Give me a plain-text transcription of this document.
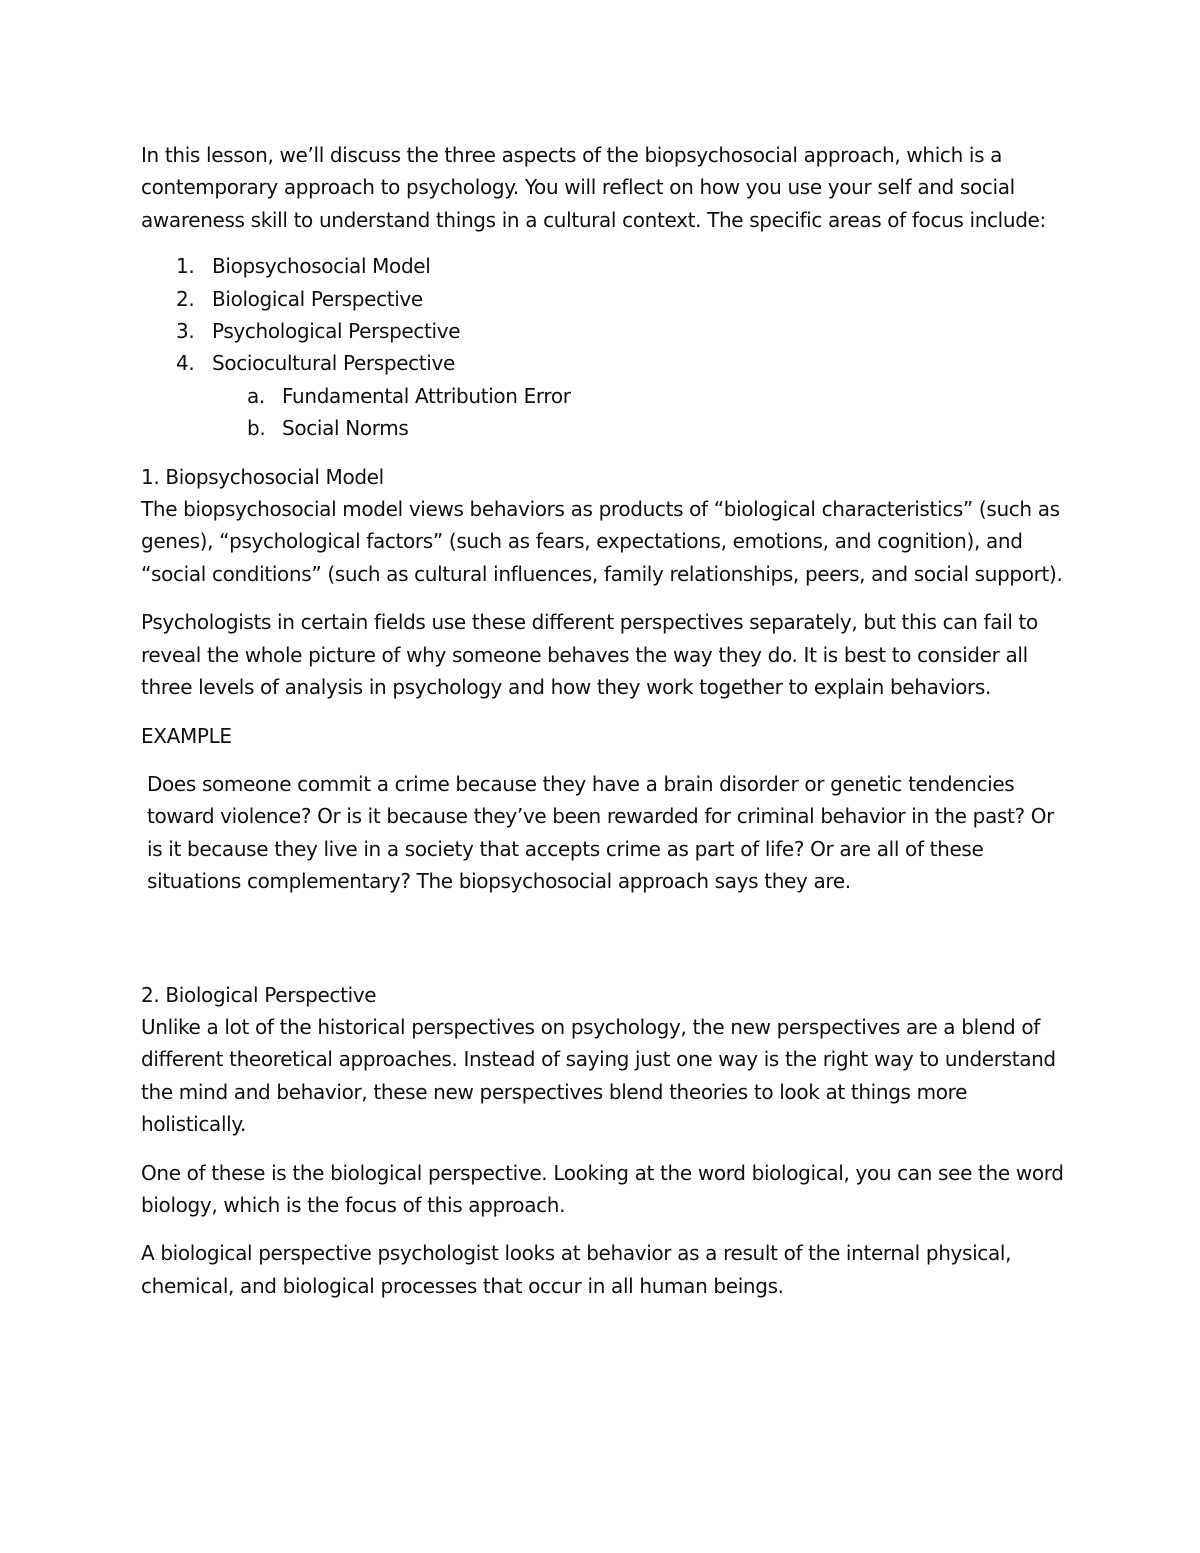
In this lesson, we’ll discuss the three aspects of the biopsychosocial approach, which is a contemporary approach to psychology. You will reflect on how you use your self and social awareness skill to understand things in a cultural context. The specific areas of focus include:

1. Biopsychosocial Model
2. Biological Perspective
3. Psychological Perspective
4. Sociocultural Perspective
a. Fundamental Attribution Error
b. Social Norms

1. Biopsychosocial Model

The biopsychosocial model views behaviors as products of “biological characteristics” (such as genes), “psychological factors” (such as fears, expectations, emotions, and cognition), and “social conditions” (such as cultural influences, family relationships, peers, and social support).

Psychologists in certain fields use these different perspectives separately, but this can fail to reveal the whole picture of why someone behaves the way they do. It is best to consider all three levels of analysis in psychology and how they work together to explain behaviors.

EXAMPLE

Does someone commit a crime because they have a brain disorder or genetic tendencies toward violence? Or is it because they’ve been rewarded for criminal behavior in the past? Or is it because they live in a society that accepts crime as part of life? Or are all of these situations complementary? The biopsychosocial approach says they are.

2. Biological Perspective

Unlike a lot of the historical perspectives on psychology, the new perspectives are a blend of different theoretical approaches. Instead of saying just one way is the right way to understand the mind and behavior, these new perspectives blend theories to look at things more holistically.

One of these is the biological perspective. Looking at the word biological, you can see the word biology, which is the focus of this approach.

A biological perspective psychologist looks at behavior as a result of the internal physical, chemical, and biological processes that occur in all human beings.
